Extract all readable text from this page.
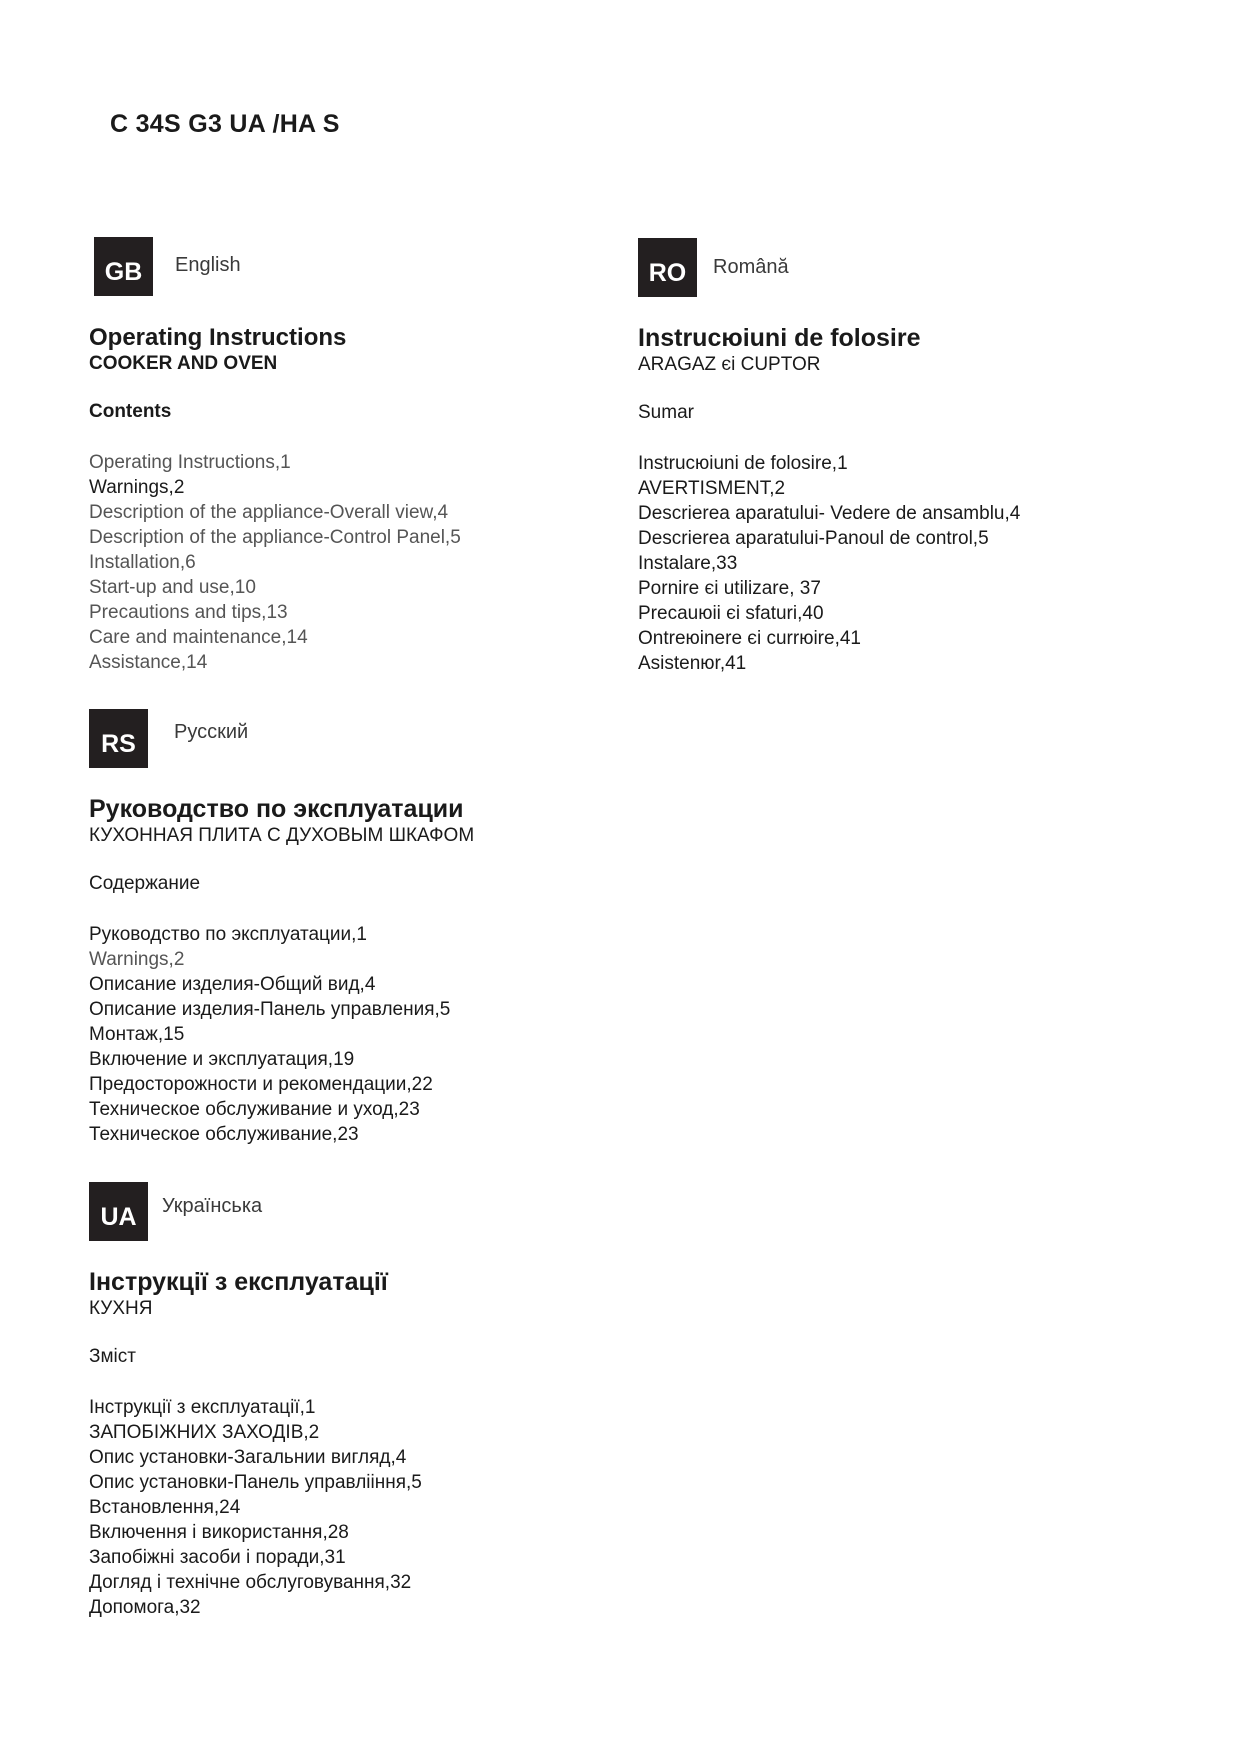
C 34S G3 UA /HA S
GB	English
Operating Instructions

COOKER AND OVEN

Contents

Operating Instructions,1
Warnings,2
Description of the appliance-Overall view,4
Description of the appliance-Control Panel,5
Installation,6
Start-up and use,10
Precautions and tips,13
Care and maintenance,14
Assistance,14
RO	Română
Instrucюiuni de folosire

ARAGAZ єi CUPTOR

Sumar

Instrucюiuni de folosire,1
AVERTISMENT,2
Descrierea aparatului- Vedere de ansamblu,4
Descrierea aparatului-Panoul de control,5
Instalare,33
Pornire єi utilizare, 37
Precauюii єi sfaturi,40
Ontreюinere єi currюire,41
Asistenюr,41
RS	Русский
Руководство по эксплуатации

КУХОННАЯ ПЛИТА С ДУХОВЫМ ШКАФОМ

Содержание

Руководство по эксплуатации,1
Warnings,2
Описание изделия-Общий вид,4
Описание изделия-Панель управления,5
Монтаж,15
Включение и эксплуатация,19
Предосторожности и рекомендации,22
Техническое обслуживание и уход,23
Техническое обслуживание,23
UA	Українська
Інструкції з експлуатації

КУХНЯ

Зміст

Інструкції з експлуатації,1
ЗАПОБІЖНИХ ЗАХОДІВ,2
Опис установки-Загальнии вигляд,4
Опис установки-Панель управлііння,5
Встановлення,24
Включення і використання,28
Запобіжні засоби і поради,31
Догляд і технічне обслуговування,32
Допомога,32
